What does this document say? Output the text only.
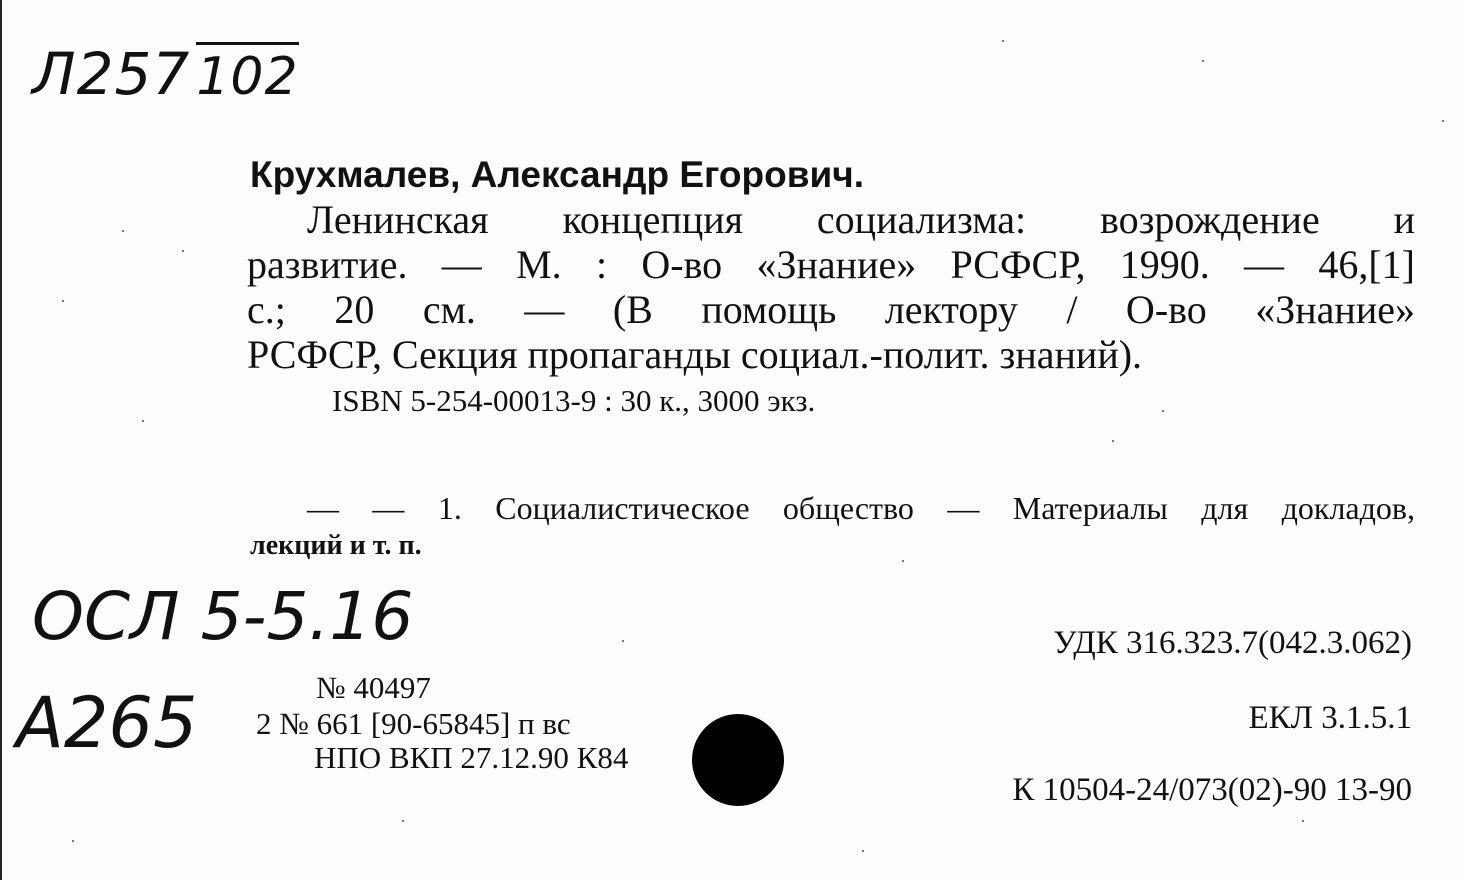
Л257 102
Крухмалев, Александр Егорович.
Ленинская концепция социализма: возрождение и
развитие. — М. : О-во «Знание» РСФСР, 1990. — 46,[1]
с.; 20 см. — (В помощь лектору / О-во «Знание»
РСФСР, Секция пропаганды социал.-полит. знаний).
ISBN 5-254-00013-9 : 30 к., 3000 экз.
— — 1. Социалистическое общество — Материалы для докладов,
лекций и т. п.
ОСЛ 5-5.16
А265	№ 40497
2 № 661 [90-65845] п вс
НПО ВКП 27.12.90 К84
УДК 316.323.7(042.3.062)
ЕКЛ 3.1.5.1
К 10504-24/073(02)-90 13-90
